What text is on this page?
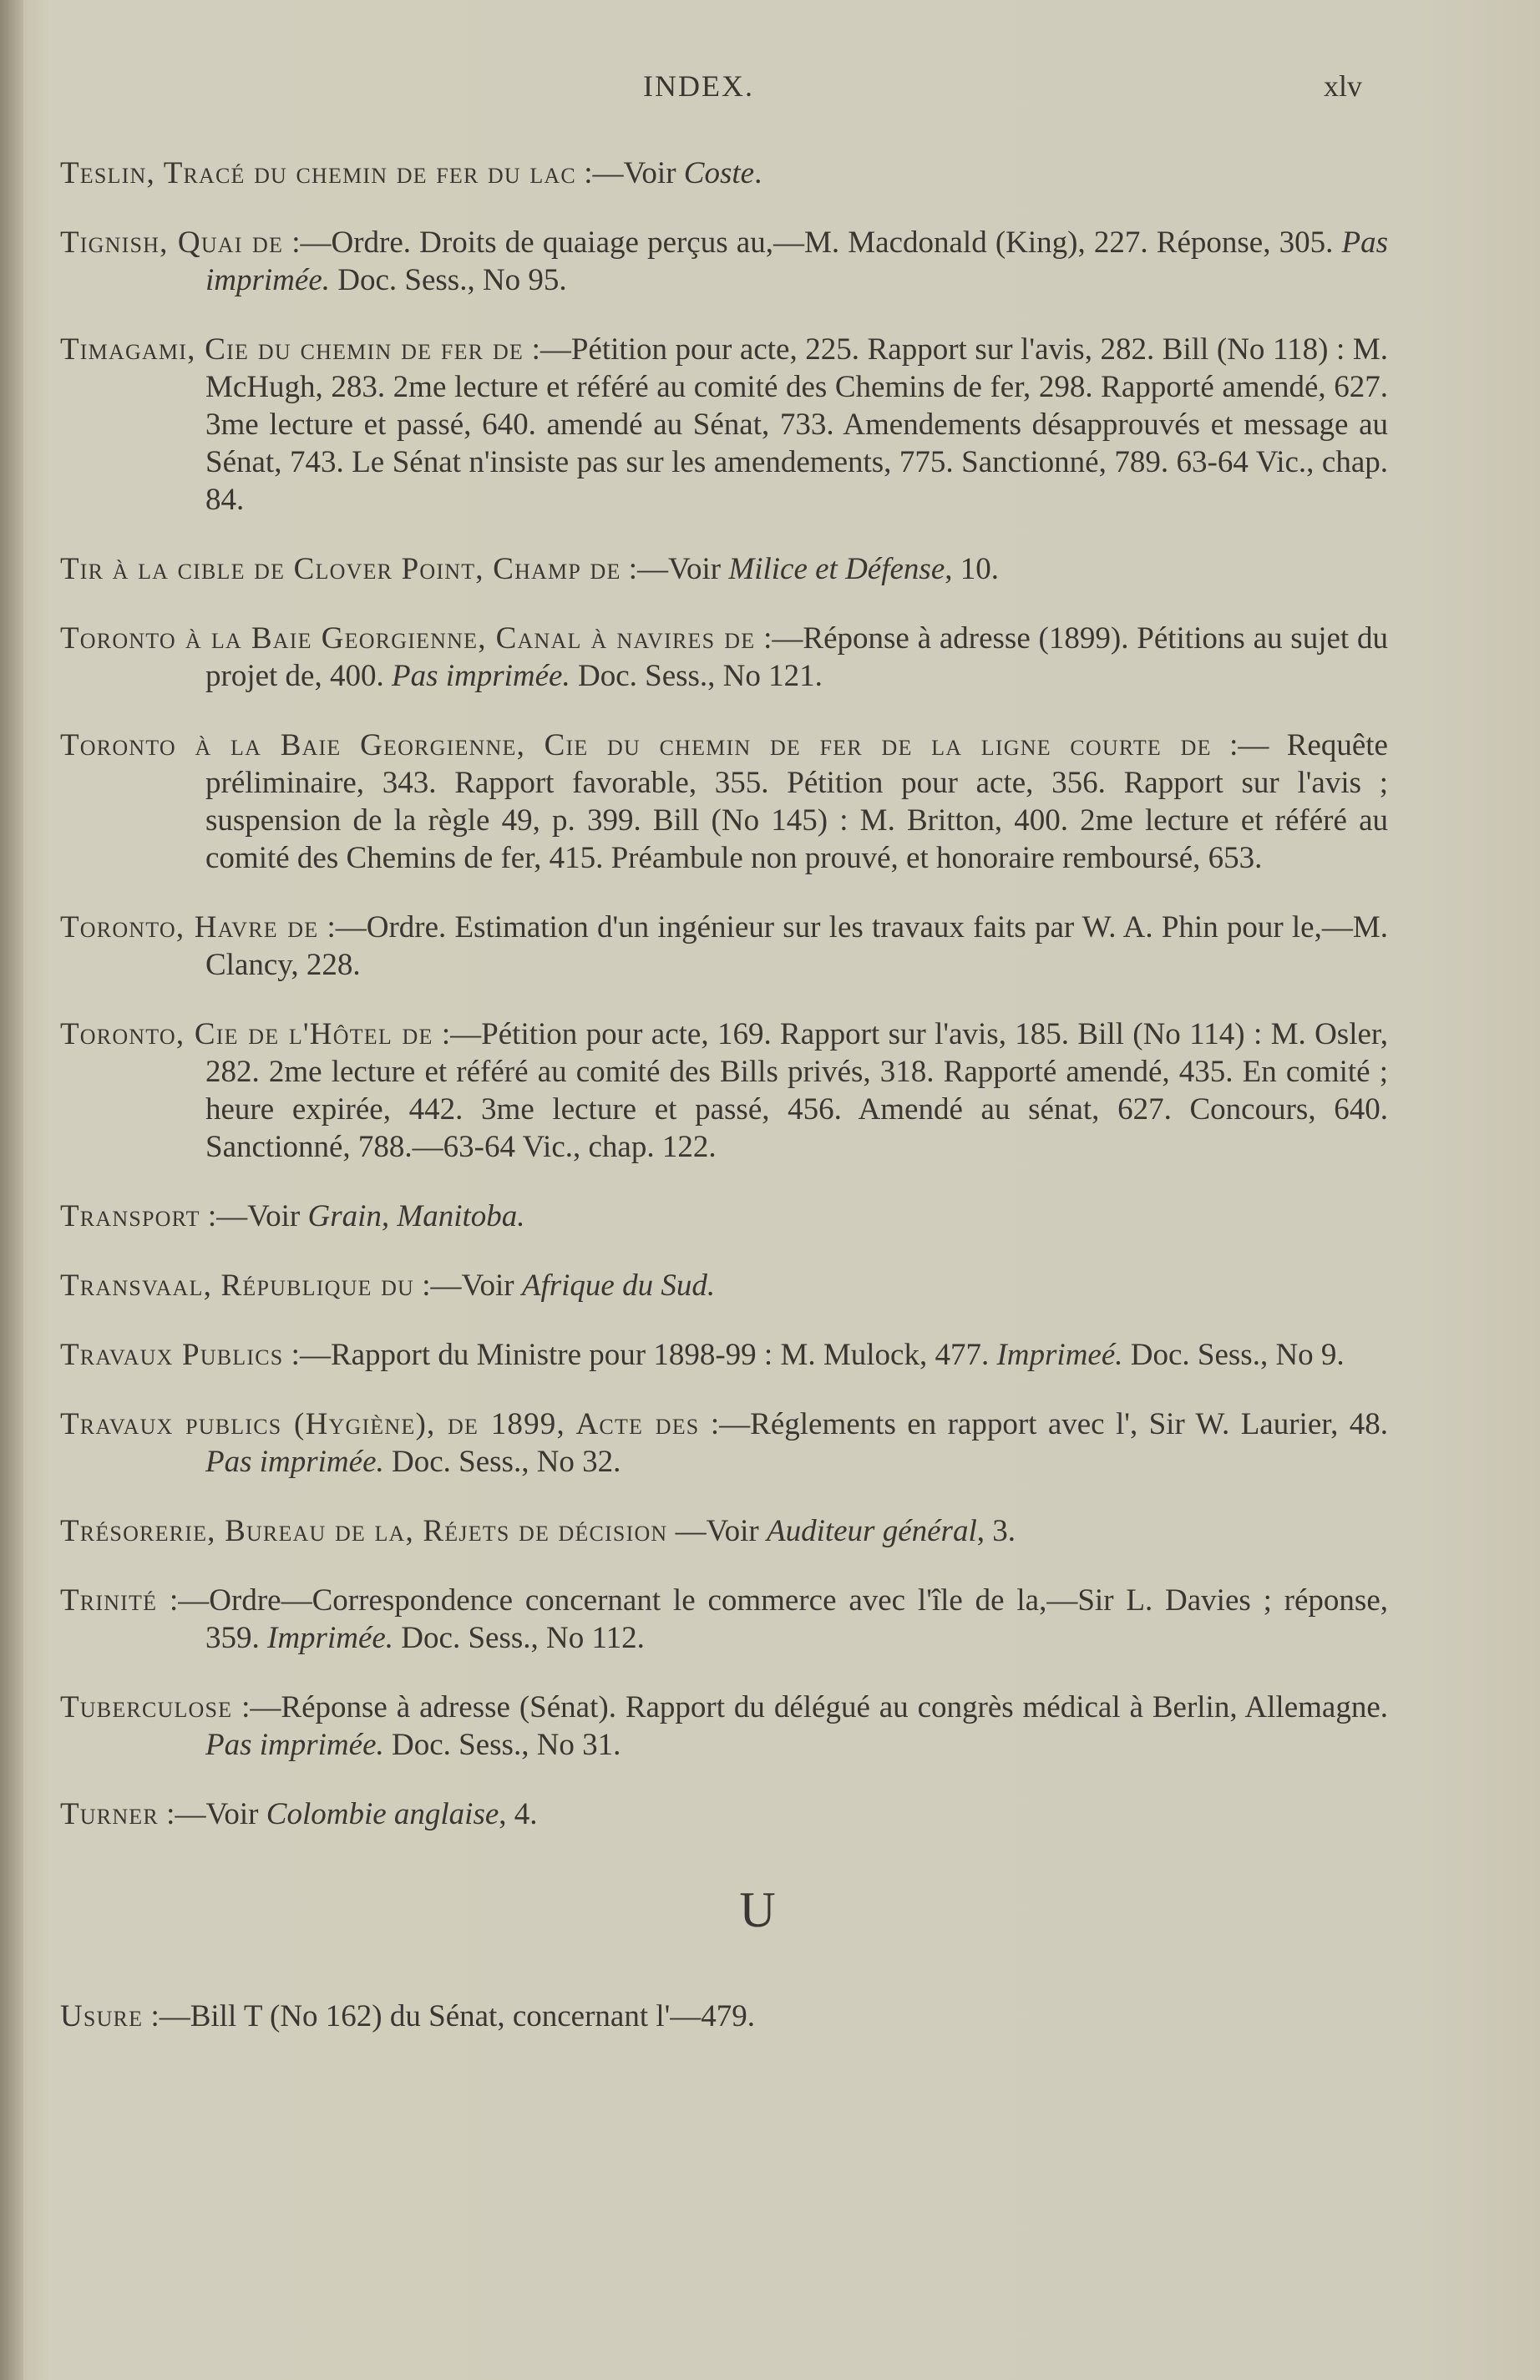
INDEX.	xlv

Teslin, Tracé du chemin de fer du lac :—Voir Coste.

Tignish, Quai de :—Ordre. Droits de quaiage perçus au,—M. Macdonald (King), 227. Réponse, 305. Pas imprimée. Doc. Sess., No 95.

Timagami, Cie du chemin de fer de :—Pétition pour acte, 225. Rapport sur l'avis, 282. Bill (No 118) : M. McHugh, 283. 2me lecture et référé au comité des Chemins de fer, 298. Rapporté amendé, 627. 3me lecture et passé, 640. amendé au Sénat, 733. Amendements désapprouvés et message au Sénat, 743. Le Sénat n'insiste pas sur les amendements, 775. Sanctionné, 789. 63-64 Vic., chap. 84.

Tir à la cible de Clover Point, Champ de :—Voir Milice et Défense, 10.

Toronto à la Baie Georgienne, Canal à navires de :—Réponse à adresse (1899). Pétitions au sujet du projet de, 400. Pas imprimée. Doc. Sess., No 121.

Toronto à la Baie Georgienne, Cie du chemin de fer de la ligne courte de :— Requête préliminaire, 343. Rapport favorable, 355. Pétition pour acte, 356. Rapport sur l'avis ; suspension de la règle 49, p. 399. Bill (No 145) : M. Britton, 400. 2me lecture et référé au comité des Chemins de fer, 415. Préambule non prouvé, et honoraire remboursé, 653.

Toronto, Havre de :—Ordre. Estimation d'un ingénieur sur les travaux faits par W. A. Phin pour le,—M. Clancy, 228.

Toronto, Cie de l'Hôtel de :—Pétition pour acte, 169. Rapport sur l'avis, 185. Bill (No 114) : M. Osler, 282. 2me lecture et référé au comité des Bills privés, 318. Rapporté amendé, 435. En comité ; heure expirée, 442. 3me lecture et passé, 456. Amendé au sénat, 627. Concours, 640. Sanctionné, 788.—63-64 Vic., chap. 122.

Transport :—Voir Grain, Manitoba.

Transvaal, République du :—Voir Afrique du Sud.

Travaux Publics :—Rapport du Ministre pour 1898-99 : M. Mulock, 477. Imprimeé. Doc. Sess., No 9.

Travaux publics (Hygiène), de 1899, Acte des :—Réglements en rapport avec l', Sir W. Laurier, 48. Pas imprimée. Doc. Sess., No 32.

Trésorerie, Bureau de la, Réjets de décision —Voir Auditeur général, 3.

Trinité :—Ordre—Correspondence concernant le commerce avec l'île de la,—Sir L. Davies ; réponse, 359. Imprimée. Doc. Sess., No 112.

Tuberculose :—Réponse à adresse (Sénat). Rapport du délégué au congrès médical à Berlin, Allemagne. Pas imprimée. Doc. Sess., No 31.

Turner :—Voir Colombie anglaise, 4.

U

Usure :—Bill T (No 162) du Sénat, concernant l'—479.
